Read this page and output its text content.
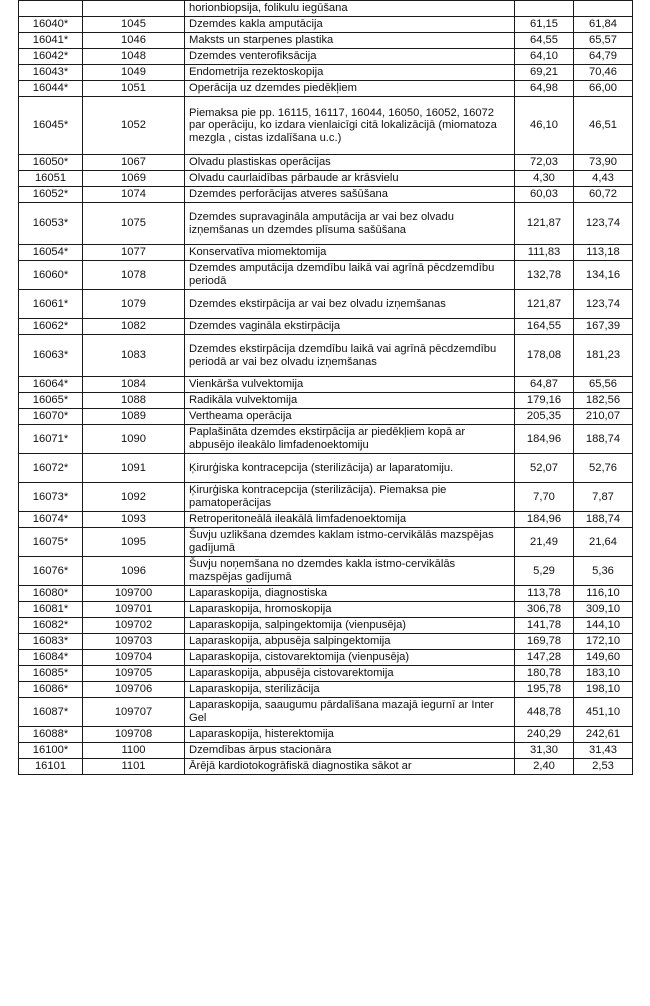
		horionbiopsija, folikulu iegūšana		
16040*	1045	Dzemdes kakla amputācija	61,15	61,84
16041*	1046	Maksts un starpenes plastika	64,55	65,57
16042*	1048	Dzemdes venterofiksācija	64,10	64,79
16043*	1049	Endometrija rezektoskopija	69,21	70,46
16044*	1051	Operācija uz dzemdes piedēkļiem	64,98	66,00
16045*	1052	Piemaksa pie pp. 16115, 16117, 16044, 16050, 16052, 16072 par operāciju, ko izdara vienlaicīgi citā lokalizācijā (miomatoza mezgla , cistas izdalīšana u.c.)	46,10	46,51
16050*	1067	Olvadu plastiskas operācijas	72,03	73,90
16051	1069	Olvadu caurlaidības pārbaude ar krāsvielu	4,30	4,43
16052*	1074	Dzemdes perforācijas atveres sašūšana	60,03	60,72
16053*	1075	Dzemdes supravagināla amputācija ar vai bez olvadu izņemšanas un dzemdes plīsuma sašūšana	121,87	123,74
16054*	1077	Konservatīva miomektomija	111,83	113,18
16060*	1078	Dzemdes amputācija dzemdību laikā vai agrīnā pēcdzemdību periodā	132,78	134,16
16061*	1079	Dzemdes ekstirpācija ar vai bez olvadu izņemšanas	121,87	123,74
16062*	1082	Dzemdes vagināla ekstirpācija	164,55	167,39
16063*	1083	Dzemdes ekstirpācija dzemdību laikā vai agrīnā pēcdzemdību periodā ar vai bez olvadu izņemšanas	178,08	181,23
16064*	1084	Vienkārša vulvektomija	64,87	65,56
16065*	1088	Radikāla vulvektomija	179,16	182,56
16070*	1089	Vertheama operācija	205,35	210,07
16071*	1090	Paplašināta dzemdes ekstirpācija ar piedēkļiem kopā ar abpusējo ileakālo limfadenoektomiju	184,96	188,74
16072*	1091	Ķirurģiska kontracepcija (sterilizācija) ar laparatomiju.	52,07	52,76
16073*	1092	Ķirurģiska kontracepcija (sterilizācija). Piemaksa pie pamatoperācijas	7,70	7,87
16074*	1093	Retroperitoneālā ileakālā limfadenoektomija	184,96	188,74
16075*	1095	Šuvju uzlikšana dzemdes kaklam istmo-cervikālās mazspējas gadījumā	21,49	21,64
16076*	1096	Šuvju noņemšana no dzemdes kakla istmo-cervikālās mazspējas gadījumā	5,29	5,36
16080*	109700	Laparaskopija, diagnostiska	113,78	116,10
16081*	109701	Laparaskopija, hromoskopija	306,78	309,10
16082*	109702	Laparaskopija, salpingektomija (vienpusēja)	141,78	144,10
16083*	109703	Laparaskopija, abpusēja salpingektomija	169,78	172,10
16084*	109704	Laparaskopija, cistovarektomija (vienpusēja)	147,28	149,60
16085*	109705	Laparaskopija, abpusēja cistovarektomija	180,78	183,10
16086*	109706	Laparaskopija, sterilizācija	195,78	198,10
16087*	109707	Laparaskopija, saaugumu pārdalīšana mazajā iegurnī ar Inter Gel	448,78	451,10
16088*	109708	Laparaskopija, histerektomija	240,29	242,61
16100*	1100	Dzemdības ārpus stacionāra	31,30	31,43
16101	1101	Ārējā kardiotokogrāfiskā diagnostika sākot ar	2,40	2,53
